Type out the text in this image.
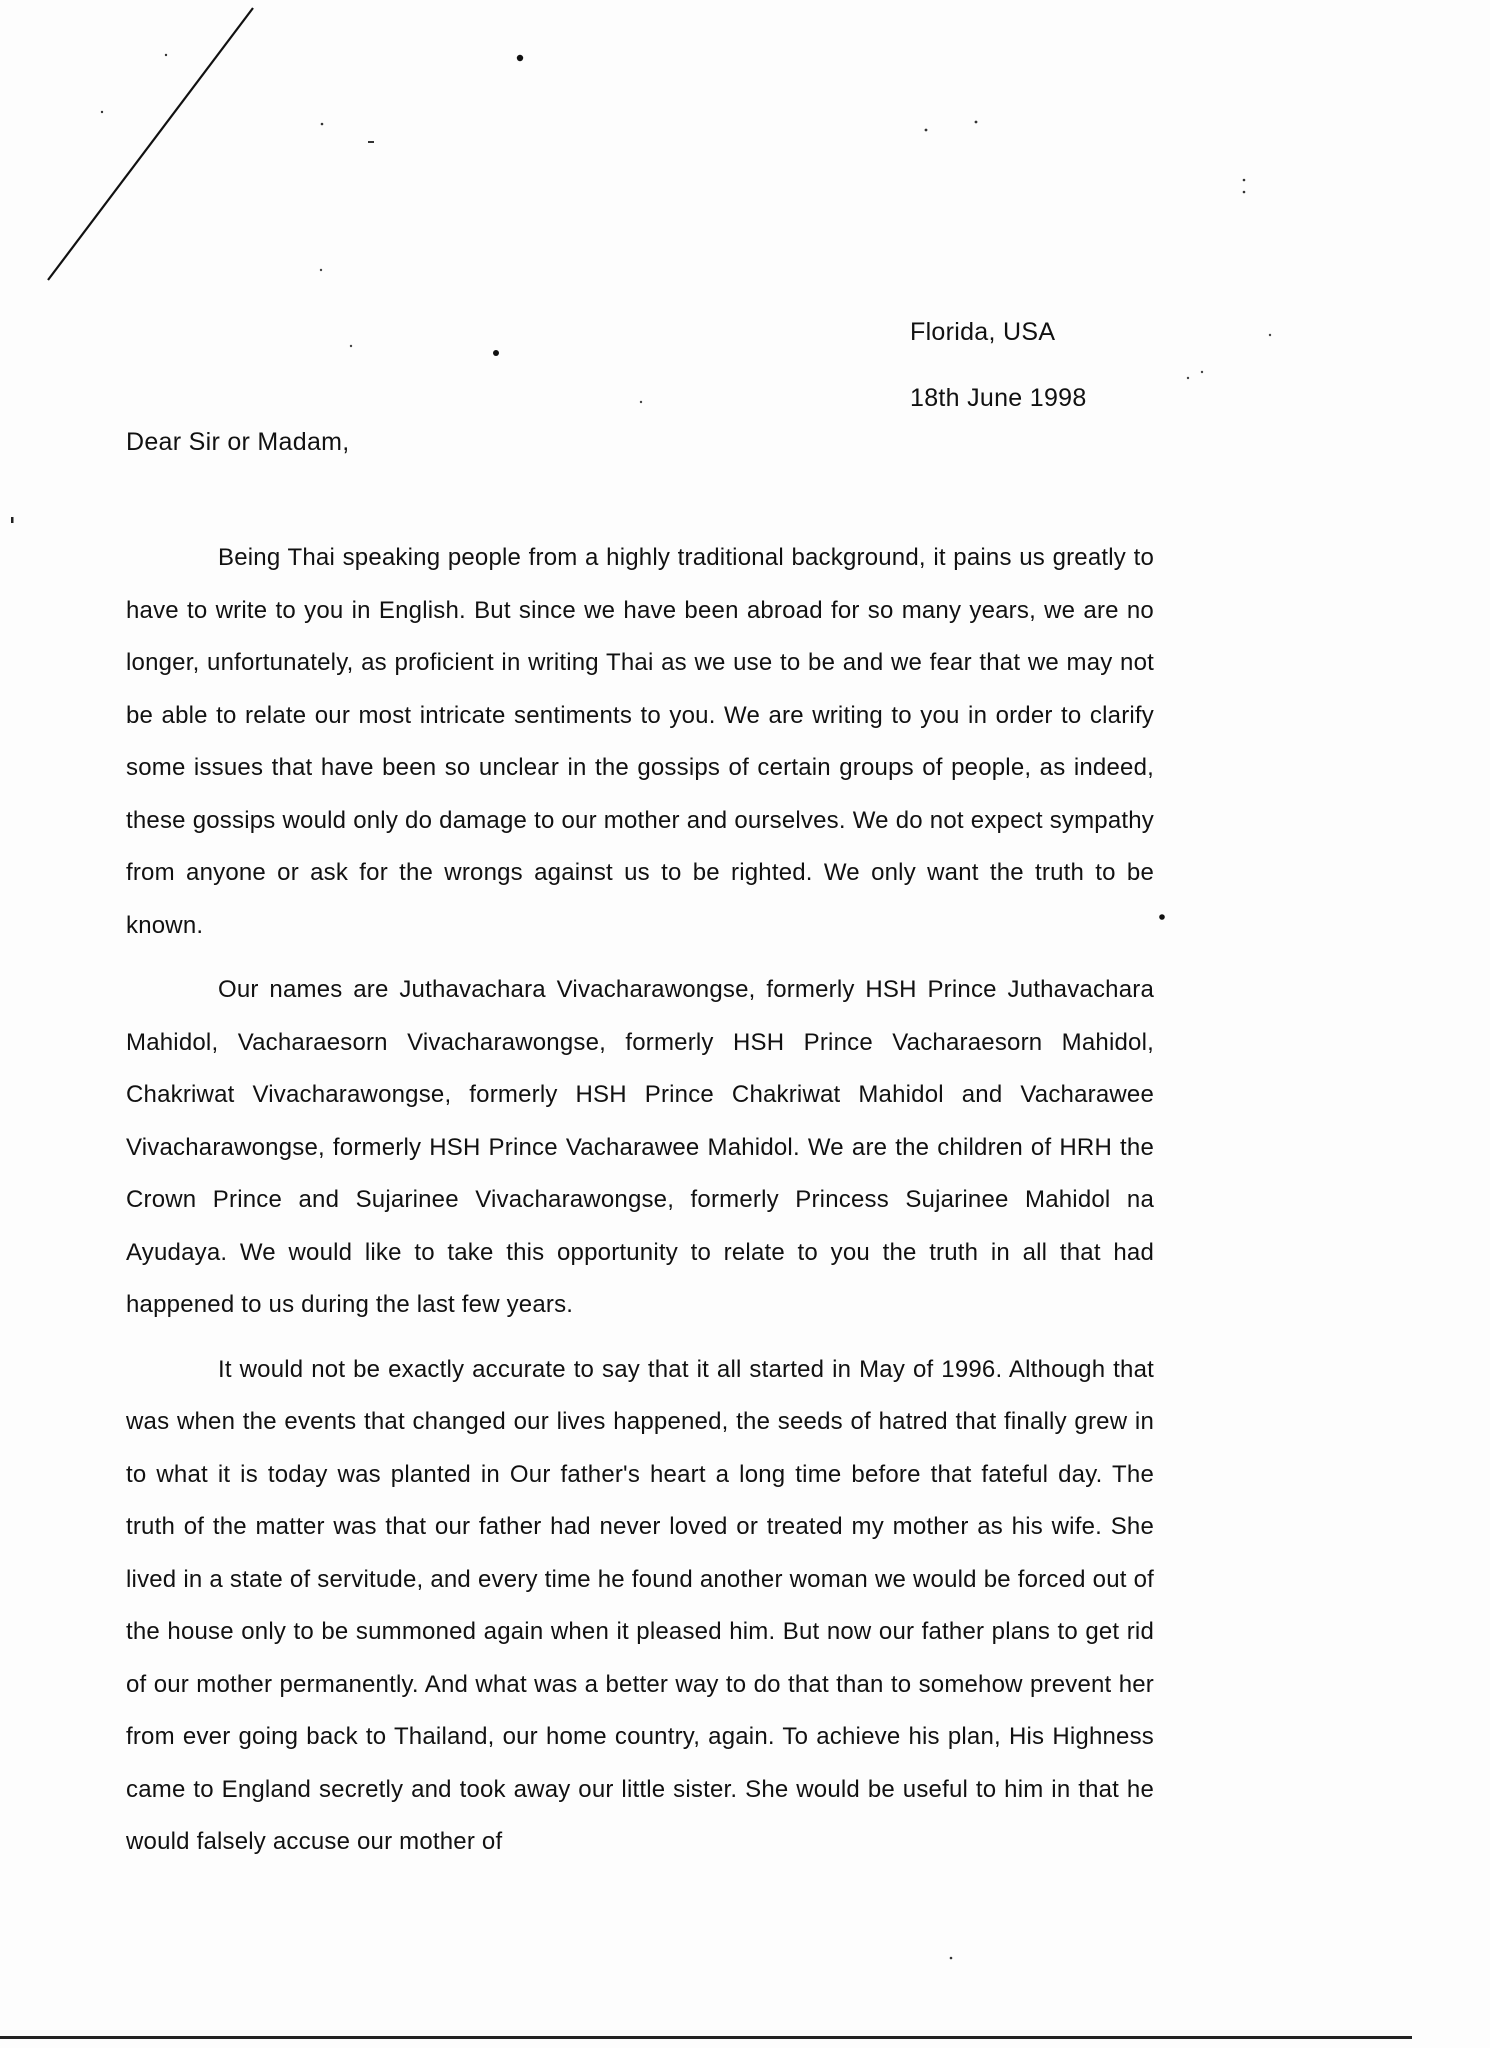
Florida, USA
18th June 1998
Dear Sir or Madam,

Being Thai speaking people from a highly traditional background, it pains us greatly to have to write to you in English. But since we have been abroad for so many years, we are no longer, unfortunately, as proficient in writing Thai as we use to be and we fear that we may not be able to relate our most intricate sentiments to you. We are writing to you in order to clarify some issues that have been so unclear in the gossips of certain groups of people, as indeed, these gossips would only do damage to our mother and ourselves. We do not expect sympathy from anyone or ask for the wrongs against us to be righted. We only want the truth to be known.

Our names are Juthavachara Vivacharawongse, formerly HSH Prince Juthavachara Mahidol, Vacharaesorn Vivacharawongse, formerly HSH Prince Vacharaesorn Mahidol, Chakriwat Vivacharawongse, formerly HSH Prince Chakriwat Mahidol and Vacharawee Vivacharawongse, formerly HSH Prince Vacharawee Mahidol. We are the children of HRH the Crown Prince and Sujarinee Vivacharawongse, formerly Princess Sujarinee Mahidol na Ayudaya. We would like to take this opportunity to relate to you the truth in all that had happened to us during the last few years.

It would not be exactly accurate to say that it all started in May of 1996. Although that was when the events that changed our lives happened, the seeds of hatred that finally grew in to what it is today was planted in Our father's heart a long time before that fateful day. The truth of the matter was that our father had never loved or treated my mother as his wife. She lived in a state of servitude, and every time he found another woman we would be forced out of the house only to be summoned again when it pleased him. But now our father plans to get rid of our mother permanently. And what was a better way to do that than to somehow prevent her from ever going back to Thailand, our home country, again. To achieve his plan, His Highness came to England secretly and took away our little sister. She would be useful to him in that he would falsely accuse our mother of
